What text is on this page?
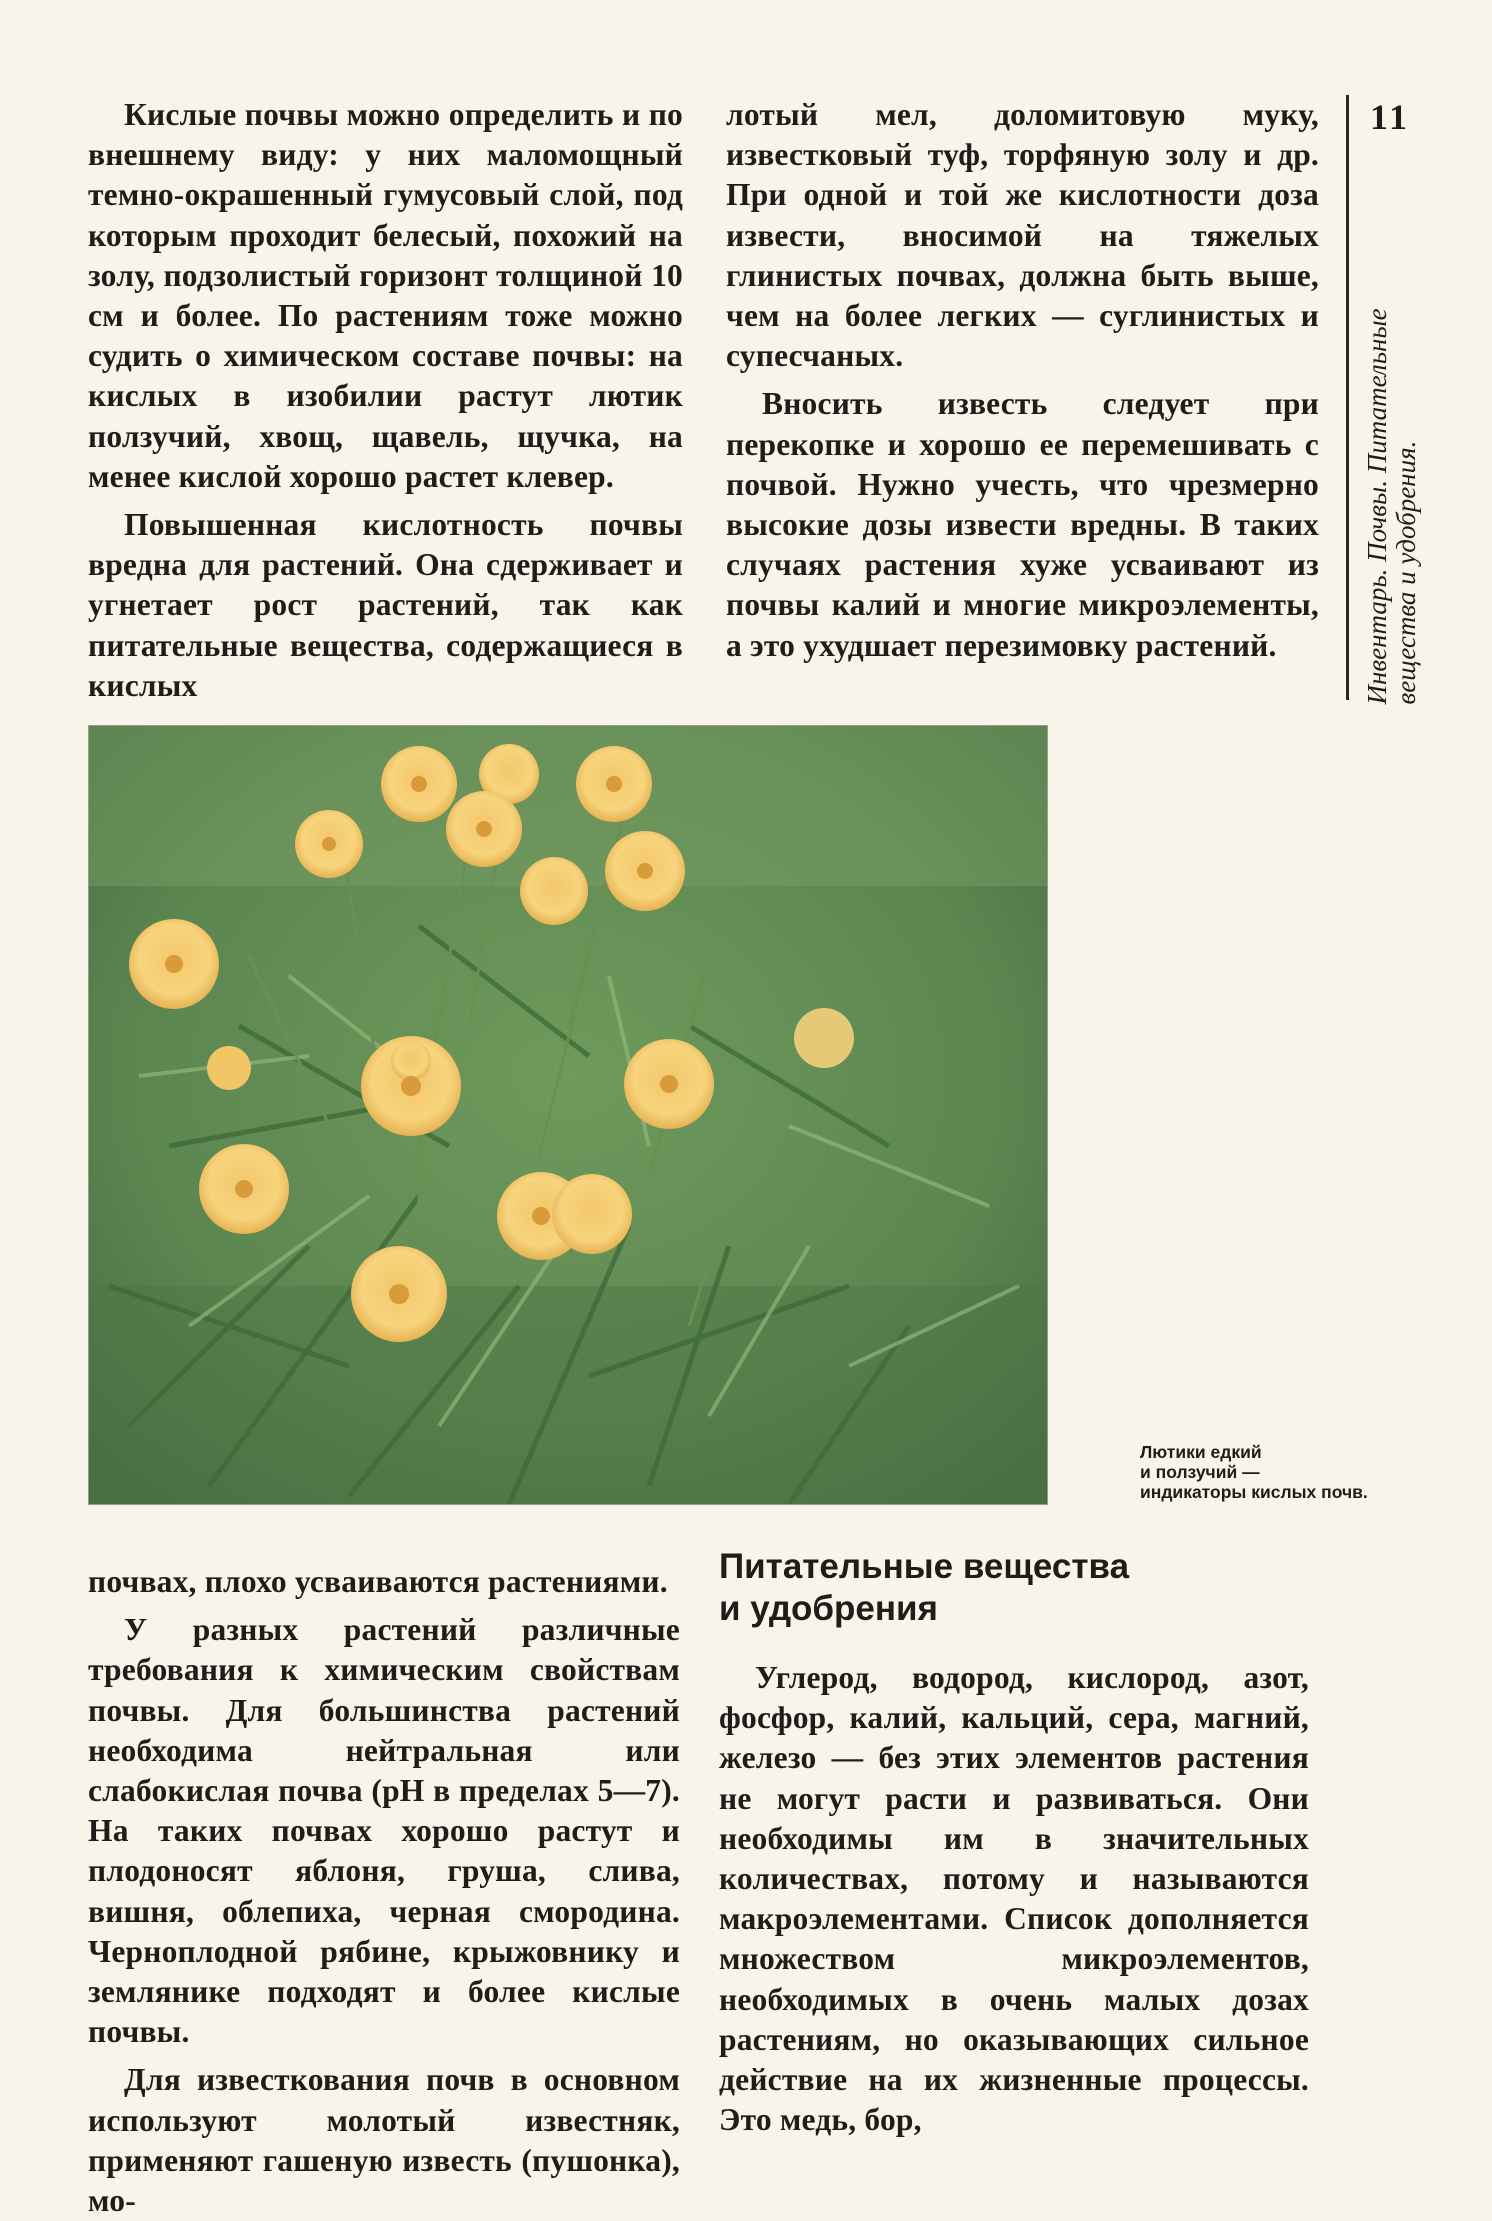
Кислые почвы можно определить и по внешнему виду: у них маломощный темно-окрашенный гумусовый слой, под которым проходит белесый, похожий на золу, подзолистый горизонт толщиной 10 см и более. По растениям тоже можно судить о химическом составе почвы: на кислых в изобилии растут лютик ползучий, хвощ, щавель, щучка, на менее кислой хорошо растет клевер.

Повышенная кислотность почвы вредна для растений. Она сдерживает и угнетает рост растений, так как питательные вещества, содержащиеся в кислых

лотый мел, доломитовую муку, известковый туф, торфяную золу и др. При одной и той же кислотности доза извести, вносимой на тяжелых глинистых почвах, должна быть выше, чем на более легких — суглинистых и супесчаных.

Вносить известь следует при перекопке и хорошо ее перемешивать с почвой. Нужно учесть, что чрезмерно высокие дозы извести вредны. В таких случаях растения хуже усваивают из почвы калий и многие микроэлементы, а это ухудшает перезимовку растений.

11
Инвентарь. Почвы. Питательные вещества и удобрения.
Лютики едкий
и ползучий —
индикаторы кислых почв.

почвах, плохо усваиваются растениями.

У разных растений различные требования к химическим свойствам почвы. Для большинства растений необходима нейтральная или слабокислая почва (pH в пределах 5—7). На таких почвах хорошо растут и плодоносят яблоня, груша, слива, вишня, облепиха, черная смородина. Черноплодной рябине, крыжовнику и землянике подходят и более кислые почвы.

Для известкования почв в основном используют молотый известняк, применяют гашеную известь (пушонка), мо-

Питательные вещества
и удобрения

Углерод, водород, кислород, азот, фосфор, калий, кальций, сера, магний, железо — без этих элементов растения не могут расти и развиваться. Они необходимы им в значительных количествах, потому и называются макроэлементами. Список дополняется множеством микроэлементов, необходимых в очень малых дозах растениям, но оказывающих сильное действие на их жизненные процессы. Это медь, бор,
